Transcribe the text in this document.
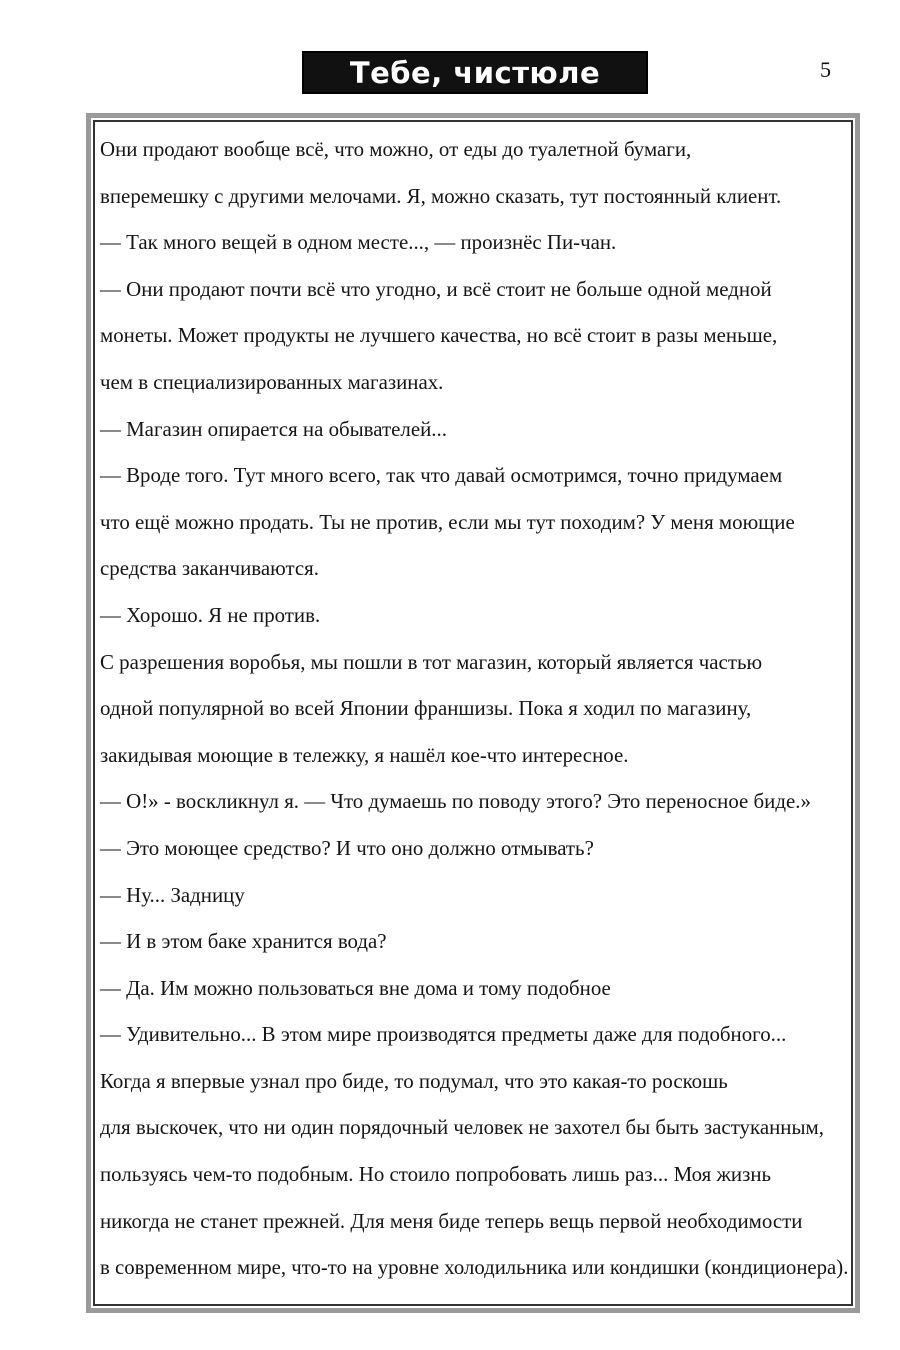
Тебе, чистюле	5
Они продают вообще всё, что можно, от еды до туалетной бумаги,
вперемешку с другими мелочами. Я, можно сказать, тут постоянный клиент.
— Так много вещей в одном месте..., — произнёс Пи-чан.
— Они продают почти всё что угодно, и всё стоит не больше одной медной
монеты. Может продукты не лучшего качества, но всё стоит в разы меньше,
чем в специализированных магазинах.
— Магазин опирается на обывателей...
— Вроде того. Тут много всего, так что давай осмотримся, точно придумаем
что ещё можно продать. Ты не против, если мы тут походим? У меня моющие
средства заканчиваются.
— Хорошо. Я не против.
С разрешения воробья, мы пошли в тот магазин, который является частью
одной популярной во всей Японии франшизы. Пока я ходил по магазину,
закидывая моющие в тележку, я нашёл кое-что интересное.
— О!» - воскликнул я. — Что думаешь по поводу этого? Это переносное биде.»
— Это моющее средство? И что оно должно отмывать?
— Ну... Задницу
— И в этом баке хранится вода?
— Да. Им можно пользоваться вне дома и тому подобное
— Удивительно... В этом мире производятся предметы даже для подобного...
Когда я впервые узнал про биде, то подумал, что это какая-то роскошь
для выскочек, что ни один порядочный человек не захотел бы быть застуканным,
пользуясь чем-то подобным. Но стоило попробовать лишь раз... Моя жизнь
никогда не станет прежней. Для меня биде теперь вещь первой необходимости
в современном мире, что-то на уровне холодильника или кондишки (кондиционера).
